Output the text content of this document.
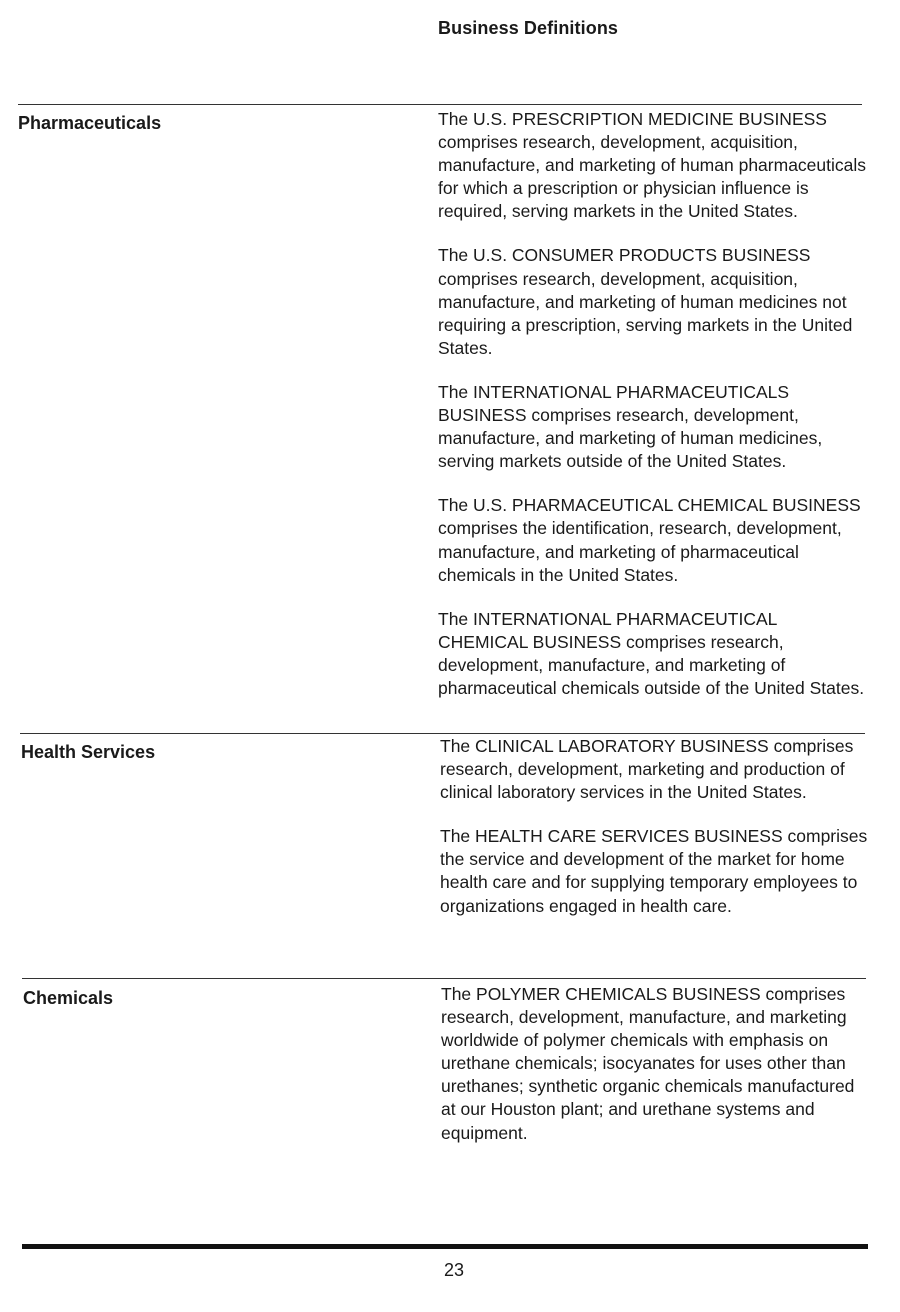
Business Definitions
Pharmaceuticals	The U.S. PRESCRIPTION MEDICINE BUSINESS comprises research, development, acquisition, manufacture, and marketing of human pharmaceuticals for which a prescription or physician influence is required, serving markets in the United States.

The U.S. CONSUMER PRODUCTS BUSINESS comprises research, development, acquisition, manufacture, and marketing of human medicines not requiring a prescription, serving markets in the United States.

The INTERNATIONAL PHARMACEUTICALS BUSINESS comprises research, development, manufacture, and marketing of human medicines, serving markets outside of the United States.

The U.S. PHARMACEUTICAL CHEMICAL BUSINESS comprises the identification, research, development, manufacture, and marketing of pharmaceutical chemicals in the United States.

The INTERNATIONAL PHARMACEUTICAL CHEMICAL BUSINESS comprises research, development, manufacture, and marketing of pharmaceutical chemicals outside of the United States.

Health Services	The CLINICAL LABORATORY BUSINESS comprises research, development, marketing and production of clinical laboratory services in the United States.

The HEALTH CARE SERVICES BUSINESS comprises the service and development of the market for home health care and for supplying temporary employees to organizations engaged in health care.

Chemicals	The POLYMER CHEMICALS BUSINESS comprises research, development, manufacture, and marketing worldwide of polymer chemicals with emphasis on urethane chemicals; isocyanates for uses other than urethanes; synthetic organic chemicals manufactured at our Houston plant; and urethane systems and equipment.

23
